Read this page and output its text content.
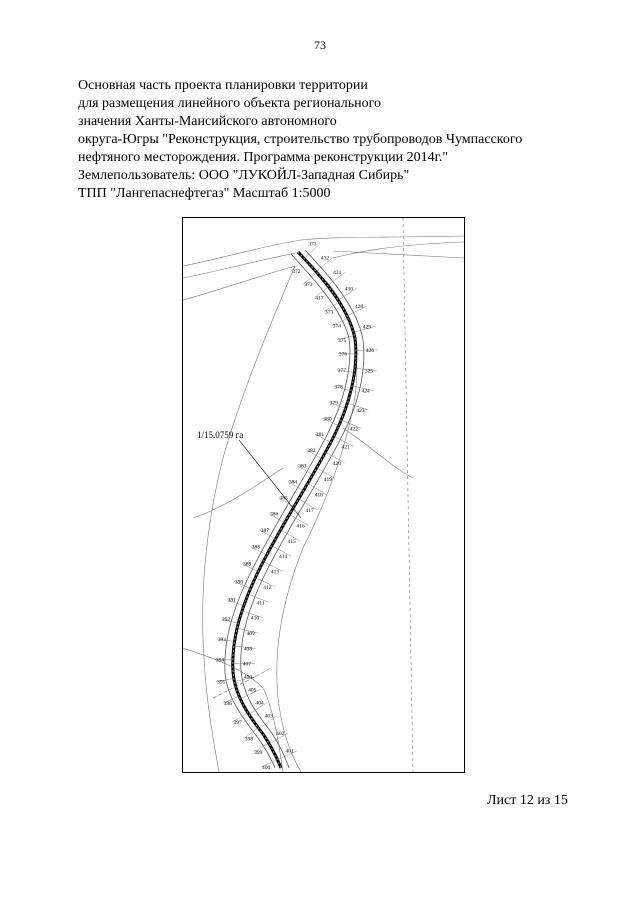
73
Основная часть проекта планировки территории
для размещения линейного объекта регионального
значения Ханты-Мансийского автономного
округа-Югры "Реконструкция, строительство трубопроводов Чумпасского
нефтяного месторождения. Программа реконструкции 2014г."
Землепользователь: ООО "ЛУКОЙЛ-Западная Сибирь"
ТПП "Лангепаснефтегаз" Масштаб 1:5000
1/15.0759 га
372
373
417
373
374
375
376
377
378
379
380
381
382
383
384
385
386
387
388
389
390
391
392
393
394
395
396
397
398
399
400
373
432
431
430
428
429
426
325
424
423
422
421
420
419
418
417
416
415
414
413
412
411
410
409
408
407
406
405
404
403
402
401
Лист 12 из 15
